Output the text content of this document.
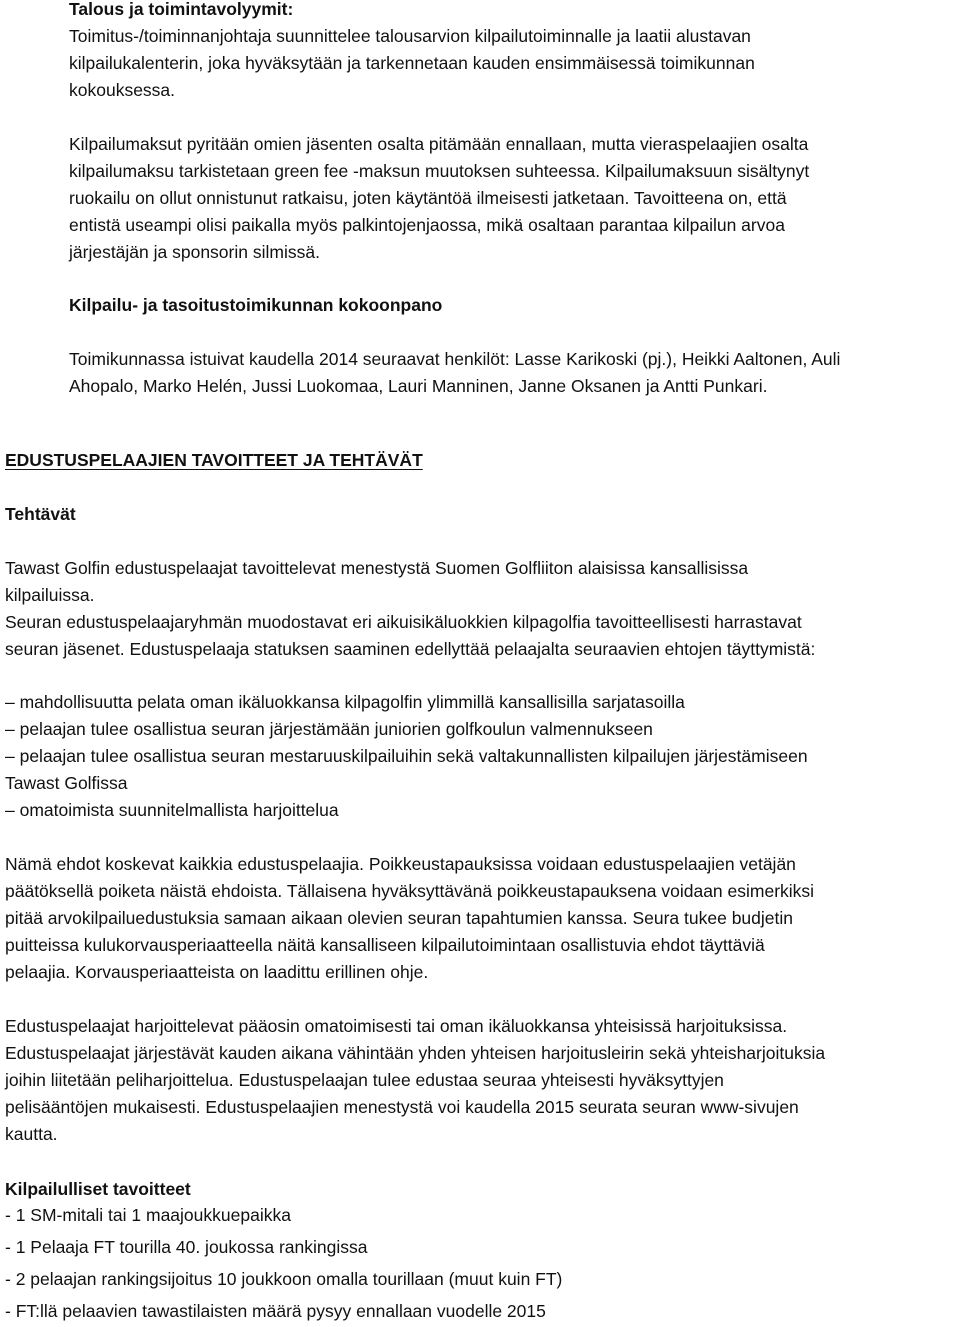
Talous ja toimintavolyymit:
Toimitus-/toiminnanjohtaja suunnittelee talousarvion kilpailutoiminnalle ja laatii alustavan
kilpailukalenterin, joka hyväksytään ja tarkennetaan kauden ensimmäisessä toimikunnan
kokouksessa.
Kilpailumaksut pyritään omien jäsenten osalta pitämään ennallaan, mutta vieraspelaajien osalta
kilpailumaksu tarkistetaan green fee -maksun muutoksen suhteessa. Kilpailumaksuun sisältynyt
ruokailu on ollut onnistunut ratkaisu, joten käytäntöä ilmeisesti jatketaan. Tavoitteena on, että
entistä useampi olisi paikalla myös palkintojenjaossa, mikä osaltaan parantaa kilpailun arvoa
järjestäjän ja sponsorin silmissä.
Kilpailu- ja tasoitustoimikunnan kokoonpano
Toimikunnassa istuivat kaudella 2014 seuraavat henkilöt: Lasse Karikoski (pj.), Heikki Aaltonen, Auli
Ahopalo, Marko Helén, Jussi Luokomaa, Lauri Manninen, Janne Oksanen ja Antti Punkari.
EDUSTUSPELAAJIEN TAVOITTEET JA TEHTÄVÄT
Tehtävät
Tawast Golfin edustuspelaajat tavoittelevat menestystä Suomen Golfliiton alaisissa kansallisissa
kilpailuissa.
Seuran edustuspelaajaryhmän muodostavat eri aikuisikäluokkien kilpagolfia tavoitteellisesti harrastavat
seuran jäsenet. Edustuspelaaja statuksen saaminen edellyttää pelaajalta seuraavien ehtojen täyttymistä:
– mahdollisuutta pelata oman ikäluokkansa kilpagolfin ylimmillä kansallisilla sarjatasoilla
– pelaajan tulee osallistua seuran järjestämään juniorien golfkoulun valmennukseen
– pelaajan tulee osallistua seuran mestaruuskilpailuihin sekä valtakunnallisten kilpailujen järjestämiseen
Tawast Golfissa
– omatoimista suunnitelmallista harjoittelua
Nämä ehdot koskevat kaikkia edustuspelaajia. Poikkeustapauksissa voidaan edustuspelaajien vetäjän
päätöksellä poiketa näistä ehdoista. Tällaisena hyväksyttävänä poikkeustapauksena voidaan esimerkiksi
pitää arvokilpailuedustuksia samaan aikaan olevien seuran tapahtumien kanssa. Seura tukee budjetin
puitteissa kulukorvausperiaatteella näitä kansalliseen kilpailutoimintaan osallistuvia ehdot täyttäviä
pelaajia. Korvausperiaatteista on laadittu erillinen ohje.
Edustuspelaajat harjoittelevat pääosin omatoimisesti tai oman ikäluokkansa yhteisissä harjoituksissa.
Edustuspelaajat järjestävät kauden aikana vähintään yhden yhteisen harjoitusleirin sekä yhteisharjoituksia
joihin liitetään peliharjoittelua. Edustuspelaajan tulee edustaa seuraa yhteisesti hyväksyttyjen
pelisääntöjen mukaisesti. Edustuspelaajien menestystä voi kaudella 2015 seurata seuran www-sivujen
kautta.
Kilpailulliset tavoitteet
- 1 SM-mitali tai 1 maajoukkuepaikka
- 1 Pelaaja FT tourilla 40. joukossa rankingissa
- 2 pelaajan rankingsijoitus 10 joukkoon omalla tourillaan (muut kuin FT)
- FT:llä pelaavien tawastilaisten määrä pysyy ennallaan vuodelle 2015
